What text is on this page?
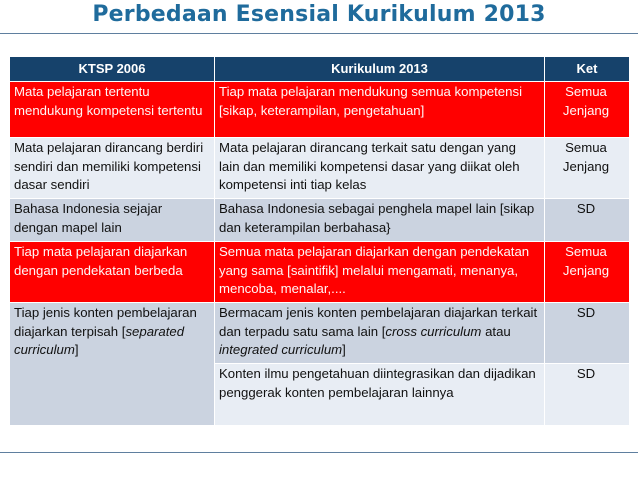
Perbedaan Esensial Kurikulum 2013
KTSP 2006	Kurikulum 2013	Ket

Mata pelajaran tertentu mendukung kompetensi tertentu	Tiap mata pelajaran mendukung semua kompetensi [sikap, keterampilan, pengetahuan]	Semua Jenjang

Mata pelajaran dirancang berdiri sendiri dan memiliki kompetensi dasar sendiri	Mata pelajaran dirancang terkait satu dengan yang lain dan memiliki kompetensi dasar yang diikat oleh kompetensi inti tiap kelas	Semua Jenjang

Bahasa Indonesia sejajar dengan mapel lain	Bahasa Indonesia sebagai penghela mapel lain [sikap dan keterampilan berbahasa}	SD

Tiap mata pelajaran diajarkan dengan pendekatan berbeda	Semua mata pelajaran diajarkan dengan pendekatan yang sama [saintifik] melalui mengamati, menanya, mencoba, menalar,....	Semua Jenjang

Tiap jenis konten pembelajaran diajarkan terpisah [separated curriculum]	Bermacam jenis konten pembelajaran diajarkan terkait dan terpadu satu sama lain [cross curriculum atau integrated curriculum]	SD

	Konten ilmu pengetahuan diintegrasikan dan dijadikan penggerak konten pembelajaran lainnya	SD
